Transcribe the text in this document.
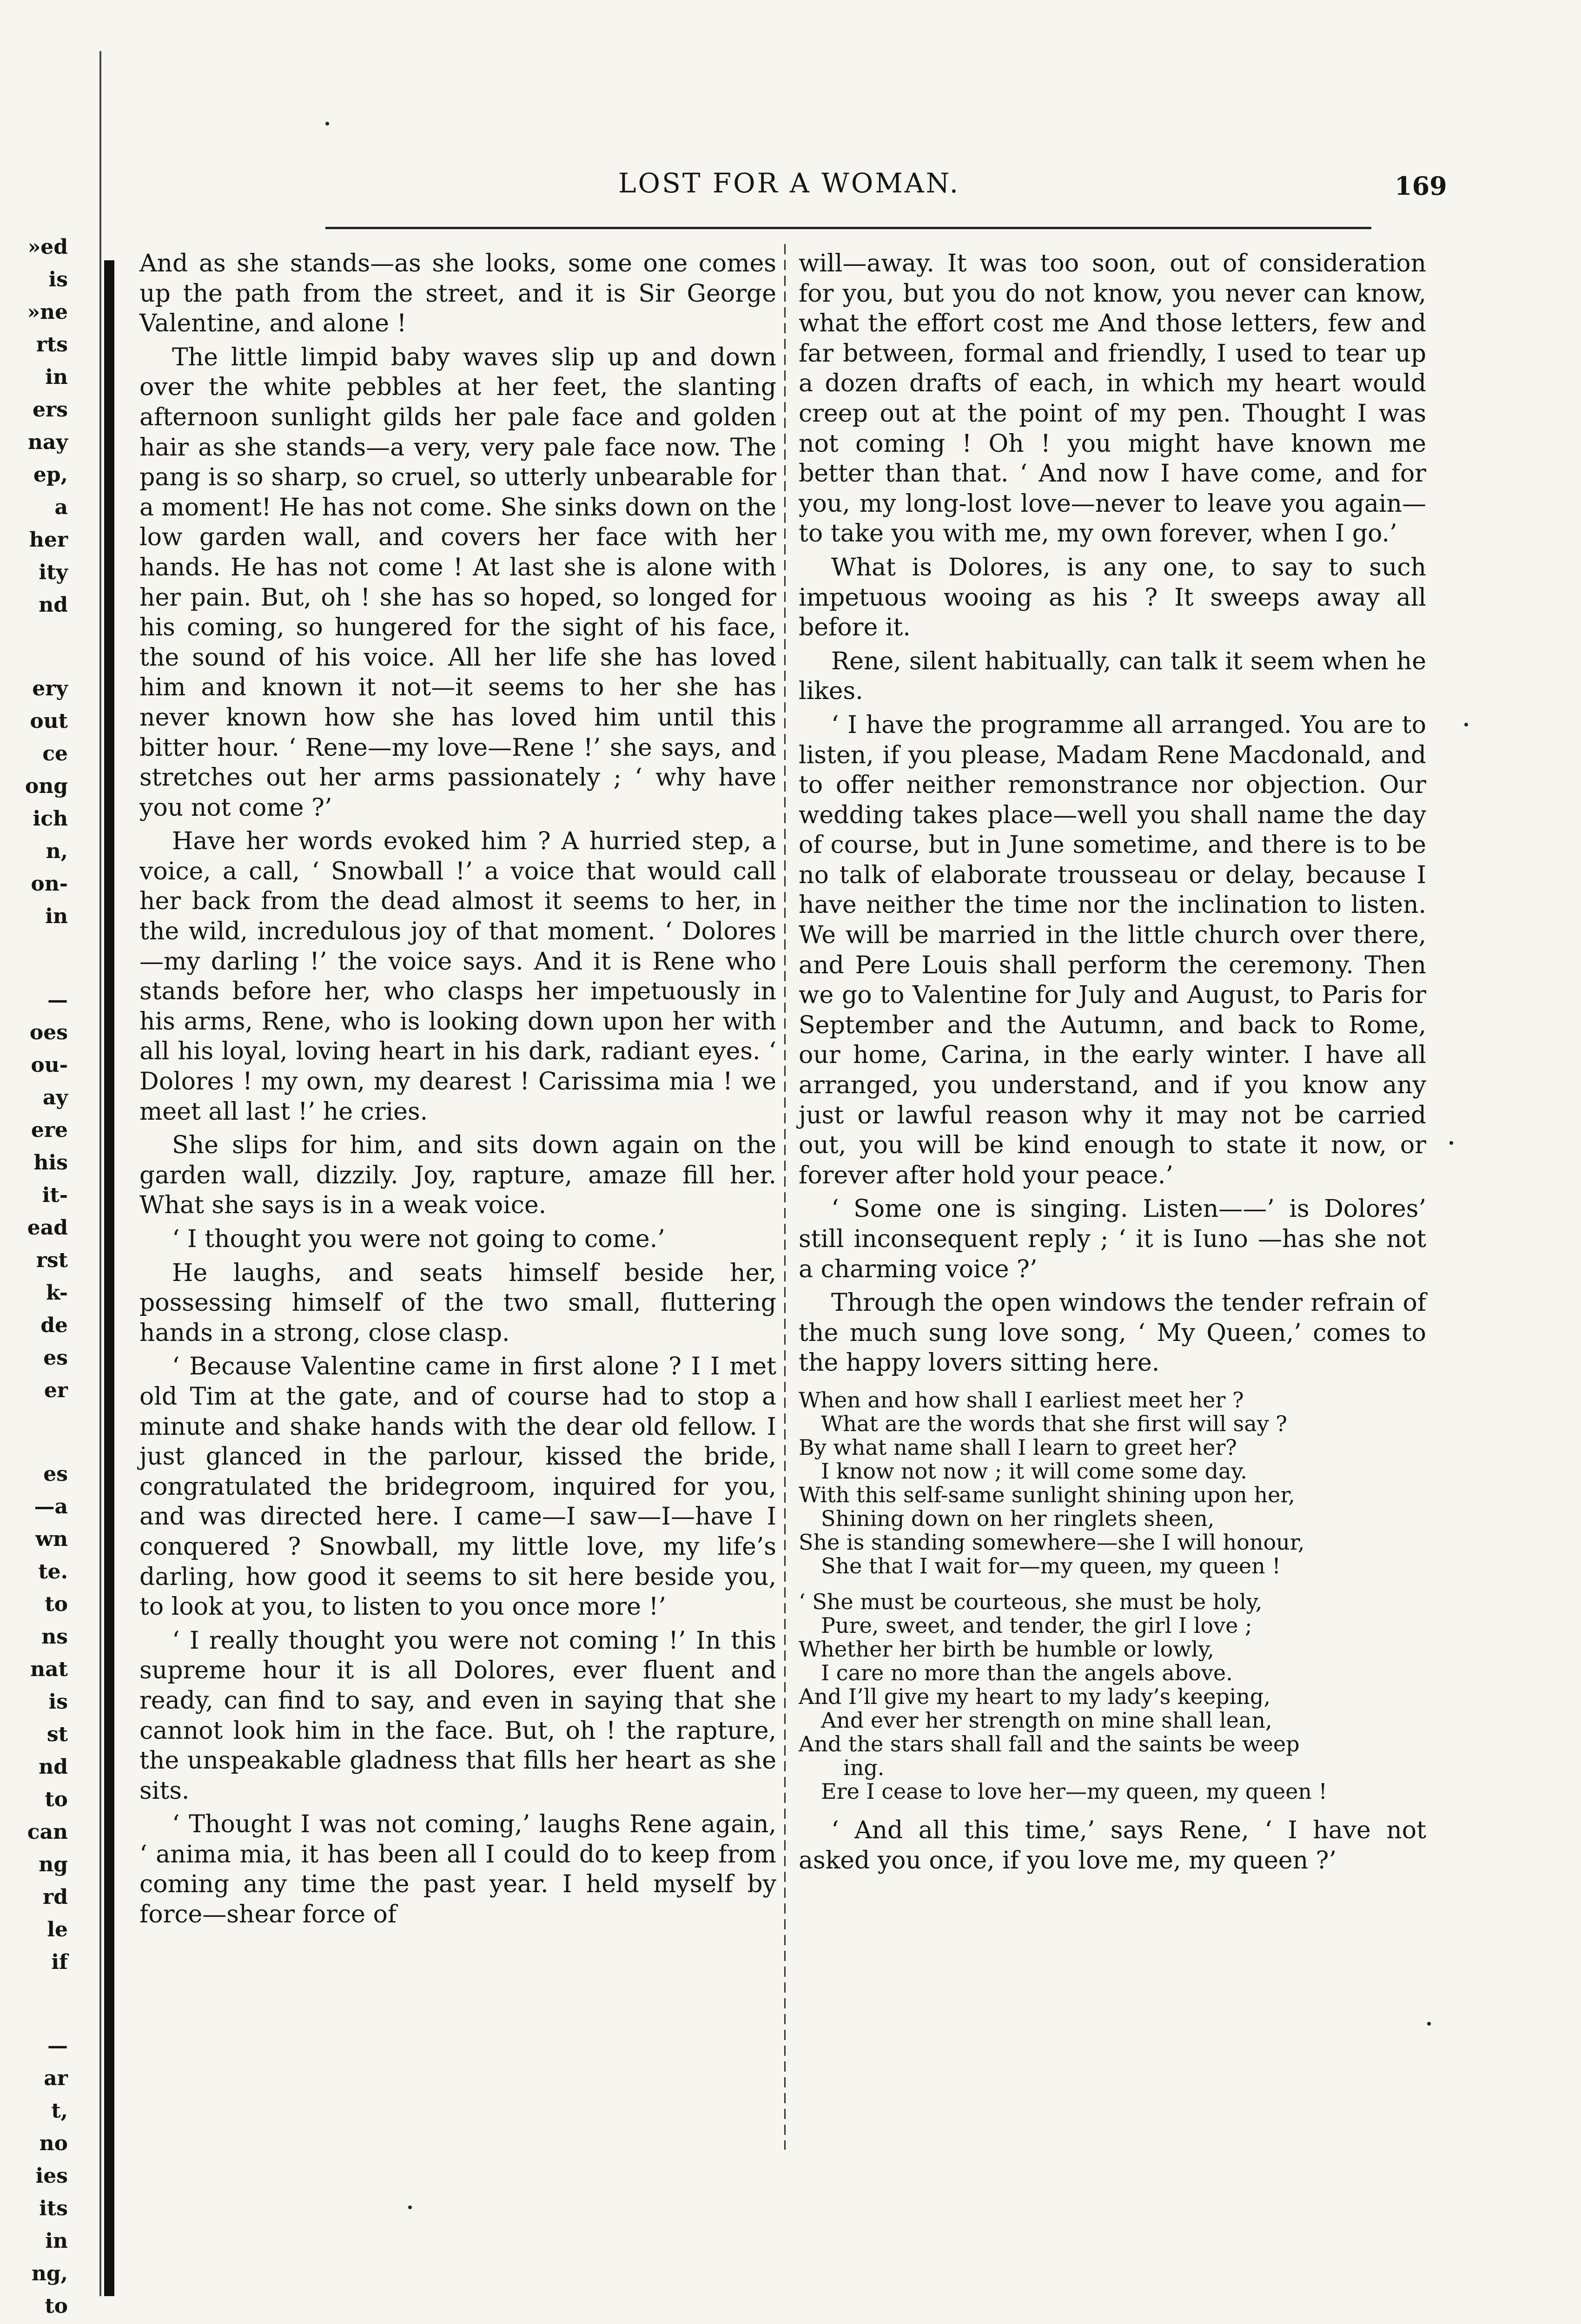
»ed
is
»ne
rts
in
ers
nay
ep,
a
her
ity
nd
ery
out
ce
ong
ich
n,
on-
in
—
oes
ou-
ay
ere
his
it-
ead
rst
k-
de
es
er
es
—a
wn
te.
to
ns
nat
is
st
nd
to
can
ng
rd
le
if
—
ar
t,
no
ies
its
in
ng,
to
LOST FOR A WOMAN.	169

And as she stands—as she looks, some one comes up the path from the street, and it is Sir George Valentine, and alone !

The little limpid baby waves slip up and down over the white pebbles at her feet, the slanting afternoon sunlight gilds her pale face and golden hair as she stands—a very, very pale face now. The pang is so sharp, so cruel, so utterly unbearable for a moment! He has not come. She sinks down on the low garden wall, and covers her face with her hands. He has not come ! At last she is alone with her pain. But, oh ! she has so hoped, so longed for his coming, so hungered for the sight of his face, the sound of his voice. All her life she has loved him and known it not—it seems to her she has never known how she has loved him until this bitter hour. ‘ Rene—my love—Rene !’ she says, and stretches out her arms passionately ; ‘ why have you not come ?’

Have her words evoked him ? A hurried step, a voice, a call, ‘ Snowball !’ a voice that would call her back from the dead almost it seems to her, in the wild, incredulous joy of that moment. ‘ Dolores—my darling !’ the voice says. And it is Rene who stands before her, who clasps her impetuously in his arms, Rene, who is looking down upon her with all his loyal, loving heart in his dark, radiant eyes. ‘ Dolores ! my own, my dearest ! Carissima mia ! we meet all last !’ he cries.

She slips for him, and sits down again on the garden wall, dizzily. Joy, rapture, amaze fill her. What she says is in a weak voice.

‘ I thought you were not going to come.’

He laughs, and seats himself beside her, possessing himself of the two small, fluttering hands in a strong, close clasp.

‘ Because Valentine came in first alone ? I I met old Tim at the gate, and of course had to stop a minute and shake hands with the dear old fellow. I just glanced in the parlour, kissed the bride, congratulated the bridegroom, inquired for you, and was directed here. I came—I saw—I—have I conquered ? Snowball, my little love, my life’s darling, how good it seems to sit here beside you, to look at you, to listen to you once more !’

‘ I really thought you were not coming !’ In this supreme hour it is all Dolores, ever fluent and ready, can find to say, and even in saying that she cannot look him in the face. But, oh ! the rapture, the unspeakable gladness that fills her heart as she sits.

‘ Thought I was not coming,’ laughs Rene again, ‘ anima mia, it has been all I could do to keep from coming any time the past year. I held myself by force—shear force of

will—away. It was too soon, out of consideration for you, but you do not know, you never can know, what the effort cost me And those letters, few and far between, formal and friendly, I used to tear up a dozen drafts of each, in which my heart would creep out at the point of my pen. Thought I was not coming ! Oh ! you might have known me better than that. ‘ And now I have come, and for you, my long-lost love—never to leave you again—to take you with me, my own forever, when I go.’

What is Dolores, is any one, to say to such impetuous wooing as his ? It sweeps away all before it.

Rene, silent habitually, can talk it seem when he likes.

‘ I have the programme all arranged. You are to listen, if you please, Madam Rene Macdonald, and to offer neither remonstrance nor objection. Our wedding takes place—well you shall name the day of course, but in June sometime, and there is to be no talk of elaborate trousseau or delay, because I have neither the time nor the inclination to listen. We will be married in the little church over there, and Pere Louis shall perform the ceremony. Then we go to Valentine for July and August, to Paris for September and the Autumn, and back to Rome, our home, Carina, in the early winter. I have all arranged, you understand, and if you know any just or lawful reason why it may not be carried out, you will be kind enough to state it now, or forever after hold your peace.’

‘ Some one is singing. Listen——’ is Dolores’ still inconsequent reply ; ‘ it is Iuno —has she not a charming voice ?’

Through the open windows the tender refrain of the much sung love song, ‘ My Queen,’ comes to the happy lovers sitting here.

When and how shall I earliest meet her ?
What are the words that she first will say ?
By what name shall I learn to greet her?
I know not now ; it will come some day.
With this self-same sunlight shining upon her,
Shining down on her ringlets sheen,
She is standing somewhere—she I will honour,
She that I wait for—my queen, my queen !
‘ She must be courteous, she must be holy,
Pure, sweet, and tender, the girl I love ;
Whether her birth be humble or lowly,
I care no more than the angels above.
And I’ll give my heart to my lady’s keeping,
And ever her strength on mine shall lean,
And the stars shall fall and the saints be weep
ing.
Ere I cease to love her—my queen, my queen !

‘ And all this time,’ says Rene, ‘ I have not asked you once, if you love me, my queen ?’
